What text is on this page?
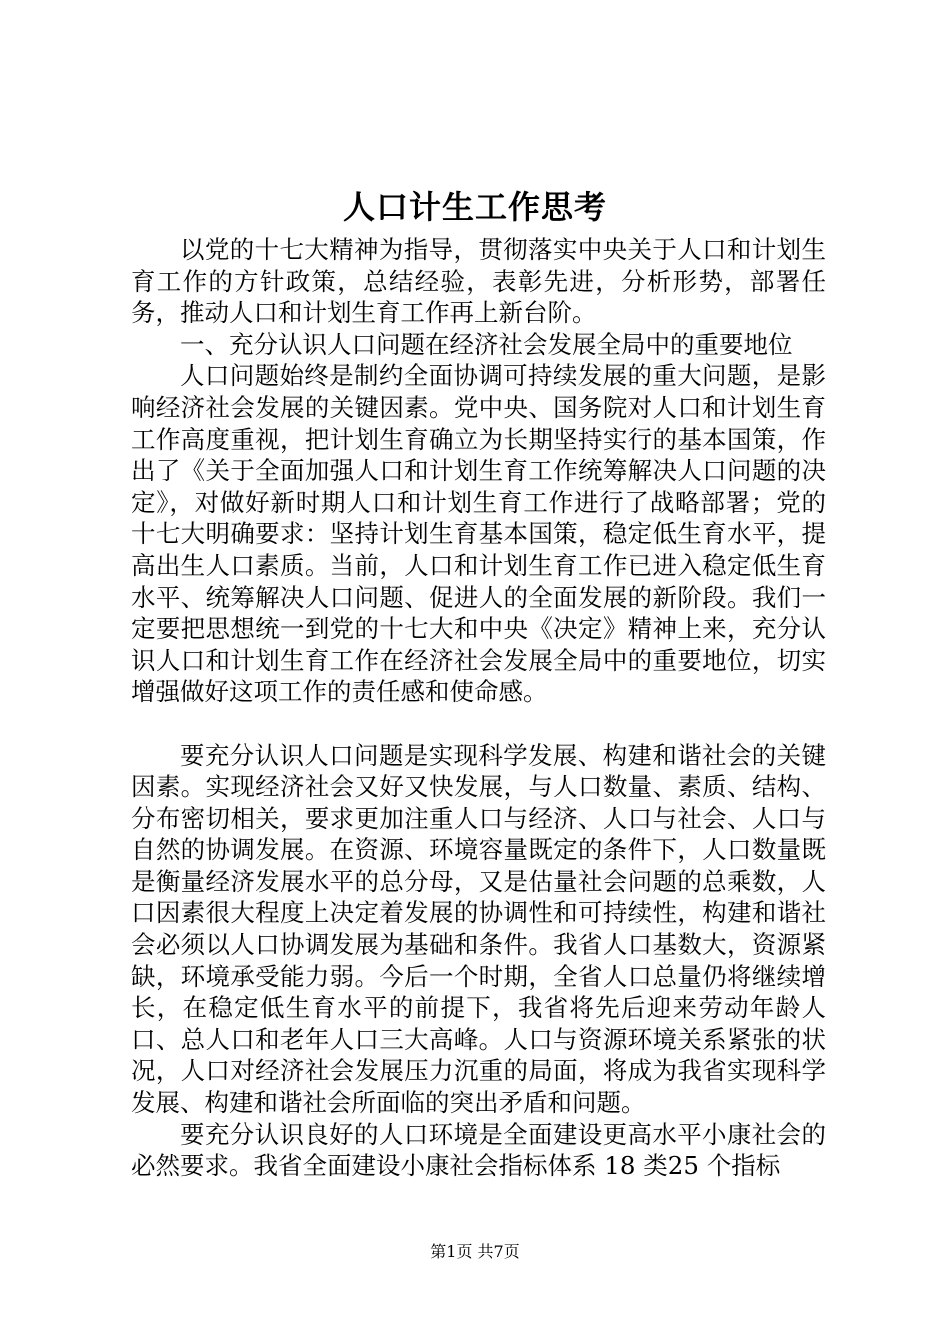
人口计生工作思考

以党的十七大精神为指导，贯彻落实中央关于人口和计划生育工作的方针政策，总结经验，表彰先进，分析形势，部署任务，推动人口和计划生育工作再上新台阶。

一、充分认识人口问题在经济社会发展全局中的重要地位

人口问题始终是制约全面协调可持续发展的重大问题，是影响经济社会发展的关键因素。党中央、国务院对人口和计划生育工作高度重视，把计划生育确立为长期坚持实行的基本国策，作出了《关于全面加强人口和计划生育工作统筹解决人口问题的决定》，对做好新时期人口和计划生育工作进行了战略部署；党的十七大明确要求：坚持计划生育基本国策，稳定低生育水平，提高出生人口素质。当前，人口和计划生育工作已进入稳定低生育水平、统筹解决人口问题、促进人的全面发展的新阶段。我们一定要把思想统一到党的十七大和中央《决定》精神上来，充分认识人口和计划生育工作在经济社会发展全局中的重要地位，切实增强做好这项工作的责任感和使命感。

要充分认识人口问题是实现科学发展、构建和谐社会的关键因素。实现经济社会又好又快发展，与人口数量、素质、结构、分布密切相关，要求更加注重人口与经济、人口与社会、人口与自然的协调发展。在资源、环境容量既定的条件下，人口数量既是衡量经济发展水平的总分母，又是估量社会问题的总乘数，人口因素很大程度上决定着发展的协调性和可持续性，构建和谐社会必须以人口协调发展为基础和条件。我省人口基数大，资源紧缺，环境承受能力弱。今后一个时期，全省人口总量仍将继续增长，在稳定低生育水平的前提下，我省将先后迎来劳动年龄人口、总人口和老年人口三大高峰。人口与资源环境关系紧张的状况，人口对经济社会发展压力沉重的局面，将成为我省实现科学发展、构建和谐社会所面临的突出矛盾和问题。

要充分认识良好的人口环境是全面建设更高水平小康社会的必然要求。我省全面建设小康社会指标体系 18 类25 个指标

第1页 共7页
